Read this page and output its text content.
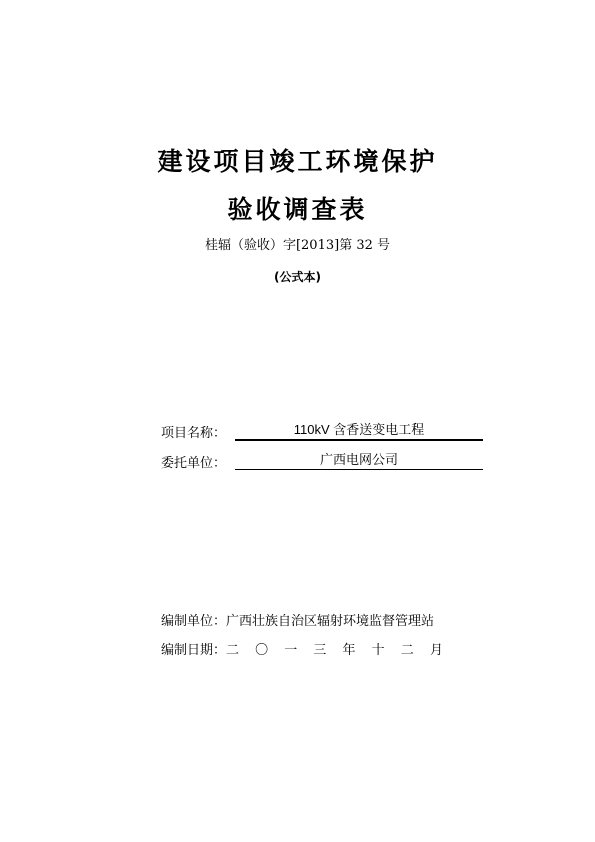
建设项目竣工环境保护
验收调查表
桂辐（验收）字[2013]第 32 号
(公式本)
项目名称：	110kV 含香送变电工程
委托单位：	广西电网公司
编制单位：广西壮族自治区辐射环境监督管理站
编制日期：二 〇 一 三 年 十 二 月
